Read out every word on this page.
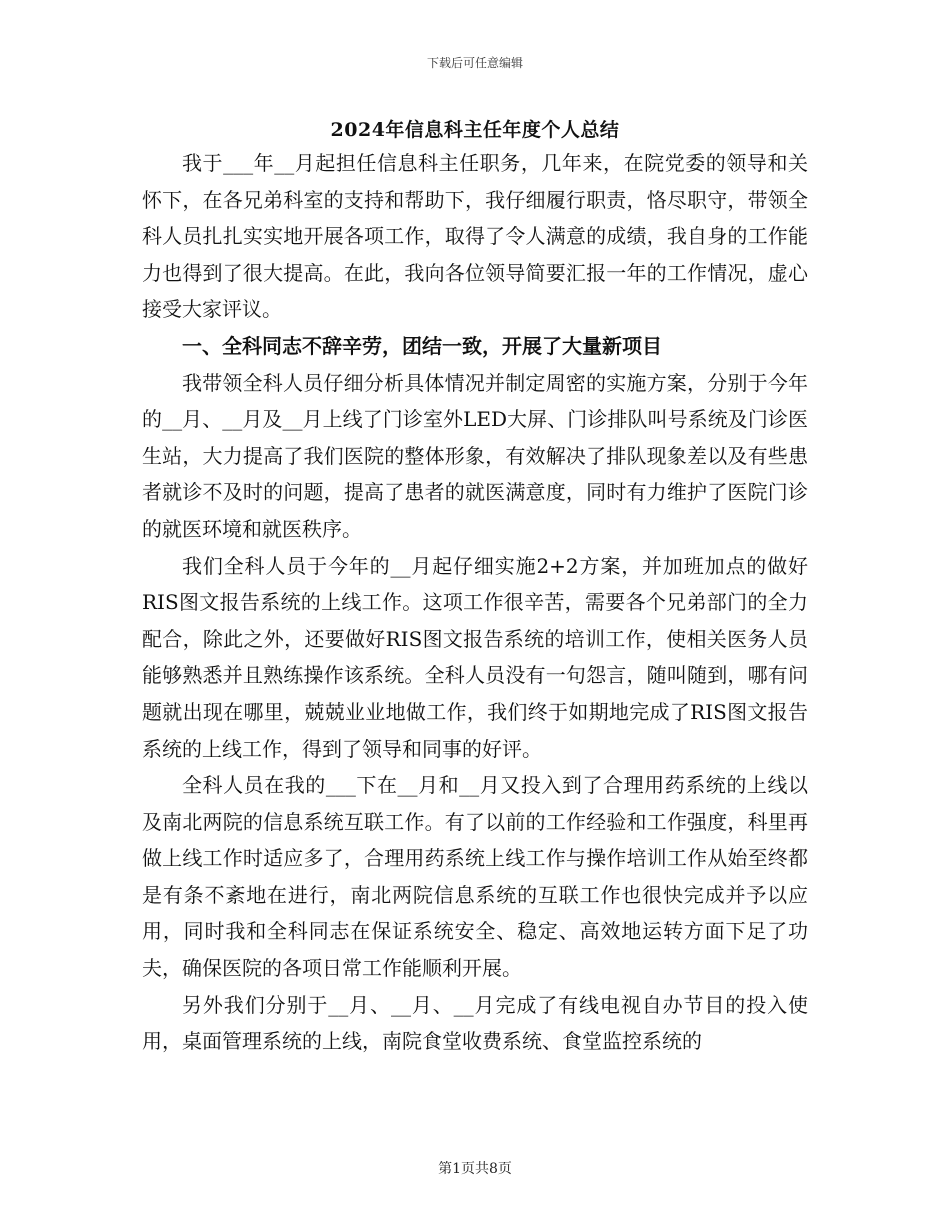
下载后可任意编辑
2024年信息科主任年度个人总结

我于___年__月起担任信息科主任职务，几年来，在院党委的领导和关怀下，在各兄弟科室的支持和帮助下，我仔细履行职责，恪尽职守，带领全科人员扎扎实实地开展各项工作，取得了令人满意的成绩，我自身的工作能力也得到了很大提高。在此，我向各位领导简要汇报一年的工作情况，虚心接受大家评议。

一、全科同志不辞辛劳，团结一致，开展了大量新项目

我带领全科人员仔细分析具体情况并制定周密的实施方案，分别于今年的__月、__月及__月上线了门诊室外LED大屏、门诊排队叫号系统及门诊医生站，大力提高了我们医院的整体形象，有效解决了排队现象差以及有些患者就诊不及时的问题，提高了患者的就医满意度，同时有力维护了医院门诊的就医环境和就医秩序。

我们全科人员于今年的__月起仔细实施2+2方案，并加班加点的做好RIS图文报告系统的上线工作。这项工作很辛苦，需要各个兄弟部门的全力配合，除此之外，还要做好RIS图文报告系统的培训工作，使相关医务人员能够熟悉并且熟练操作该系统。全科人员没有一句怨言，随叫随到，哪有问题就出现在哪里，兢兢业业地做工作，我们终于如期地完成了RIS图文报告系统的上线工作，得到了领导和同事的好评。

全科人员在我的___下在__月和__月又投入到了合理用药系统的上线以及南北两院的信息系统互联工作。有了以前的工作经验和工作强度，科里再做上线工作时适应多了，合理用药系统上线工作与操作培训工作从始至终都是有条不紊地在进行，南北两院信息系统的互联工作也很快完成并予以应用，同时我和全科同志在保证系统安全、稳定、高效地运转方面下足了功夫，确保医院的各项日常工作能顺利开展。

另外我们分别于__月、__月、__月完成了有线电视自办节目的投入使用，桌面管理系统的上线，南院食堂收费系统、食堂监控系统的

第1页共8页
